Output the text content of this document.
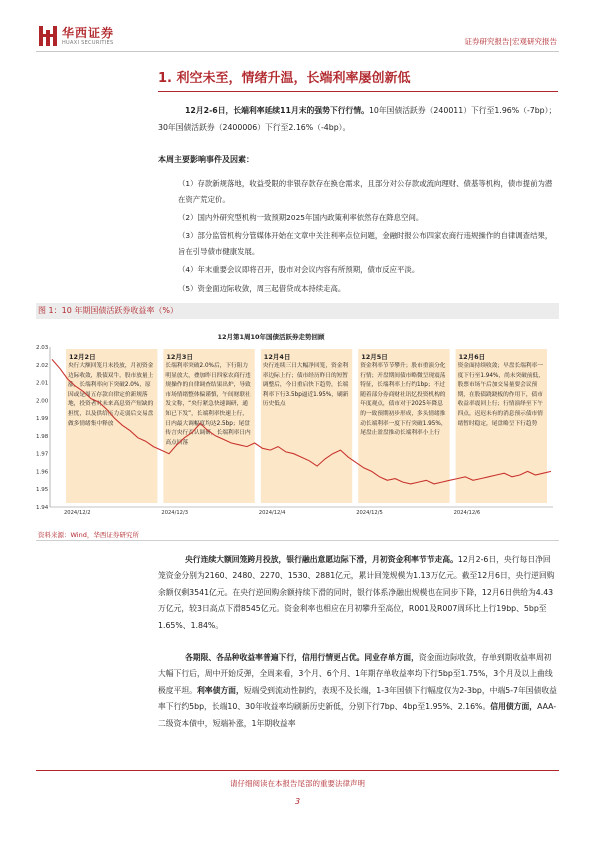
华西证券
HUAXI SECURITIES	证券研究报告|宏观研究报告
1. 利空未至，情绪升温，长端利率屡创新低
12月2-6日，长端利率延续11月末的强势下行行情。10年国债活跃券（240011）下行至1.96%（-7bp）；30年国债活跃券（2400006）下行至2.16%（-4bp）。
本周主要影响事件及因素：
（1）存款新规落地，收益受限的非银存款存在换仓需求，且部分对公存款或流向理财、债基等机构，债市提前为潜在资产荒定价。
（2）国内外研究型机构一致预期2025年国内政策利率依然存在降息空间。
（3）部分监管机构分管媒体开始在文章中关注利率点位问题，金融时报公布四家农商行违规操作的自律调查结果，旨在引导债市健康发展。
（4）年末重要会议即将召开，股市对会议内容有所预期，债市反应平淡。
（5）资金面边际收敛，周三起借贷成本持续走高。
图 1：10 年期国债活跃券收益率（%）
12月第1周10年国债活跃券走势回顾
12月2日
央行大额回笼月末投放，月初资金边际收敛，股债双牛，股市放量上涨，长端利率向下突破2.0%，原因或是周五存款自律定价新规落地，投资者对未来高息资产短缺的担忧，以及供给压力走弱后交易盘做多情绪集中释放
12月3日
长端利率突破2.0%后，下行阻力明显放大，叠加昨日四家农商行违规操作的自律调查结果出炉，导致市场情绪整体偏谨慎，午间财联社发文称，“央行紧急快速调研，通知已下发”，长端利率快速上行，日内最大调幅度均达2.5bp；尾盘传言央行否认调研，长端利率日内高点回落
12月4日
央行连续三日大幅净回笼，资金利率边际上行；债市经历昨日的短暂调整后，今日重启快下趋势，长端利率下行3.5bp逼近1.95%，刷新历史低点
12月5日
资金利率节节攀升；股市重演分化行情；开盘期间债市略微呈现震荡特征，长端利率上行约1bp；不过随着部分券商财社讯忆投资机构的年度观点，债市对于2025年降息的一致预期初步形成，多头情绪推动长端利率一度下行突破1.95%，尾盘止盈盘推动长端利率小上行
12月6日
资金面持续收敛；早盘长端利率一度下行至1.94%，尚未突破前低，股票市场午后加交易量要会议预期，在股债跷跷板的作用下，债市收益率震回上行；行情演绎至下午四点，迟迟未有的消息预示债市情绪暂时稳定，尾盘略呈下行趋势
2.03
2.02
2.01
2.00
1.99
1.98
1.97
1.96
1.95
1.94
2024/12/2	2024/12/3	2024/12/4	2024/12/5	2024/12/6
资料来源：Wind，华西证券研究所
央行连续大额回笼跨月投放，银行融出意愿边际下滑，月初资金利率节节走高。12月2-6日，央行每日净回笼资金分别为2160、2480、2270、1530、2881亿元，累计回笼规模为1.13万亿元。截至12月6日，央行逆回购余额仅剩3541亿元。在央行逆回购余额持续下滑的同时，银行体系净融出规模也在同步下降，12月6日供给为4.43万亿元，较3日高点下滑8545亿元。资金利率也相应在月初攀升至高位，R001及R007周环比上行19bp、5bp至1.65%、1.84%。
各期限、各品种收益率普遍下行，信用行情更占优。同业存单方面，资金面边际收敛，存单到期收益率周初大幅下行后，周中开始反弹，全周来看，3个月、6个月、1年期存单收益率均下行5bp至1.75%，3个月及以上曲线极度平坦。利率债方面，短端受到流动性制约，表现不及长端，1-3年国债下行幅度仅为2-3bp，中端5-7年国债收益率下行约5bp，长端10、30年收益率均刷新历史新低，分别下行7bp、4bp至1.95%、2.16%。信用债方面，AAA-二级资本债中，短端补涨，1年期收益率
请仔细阅读在本报告尾部的重要法律声明
3
